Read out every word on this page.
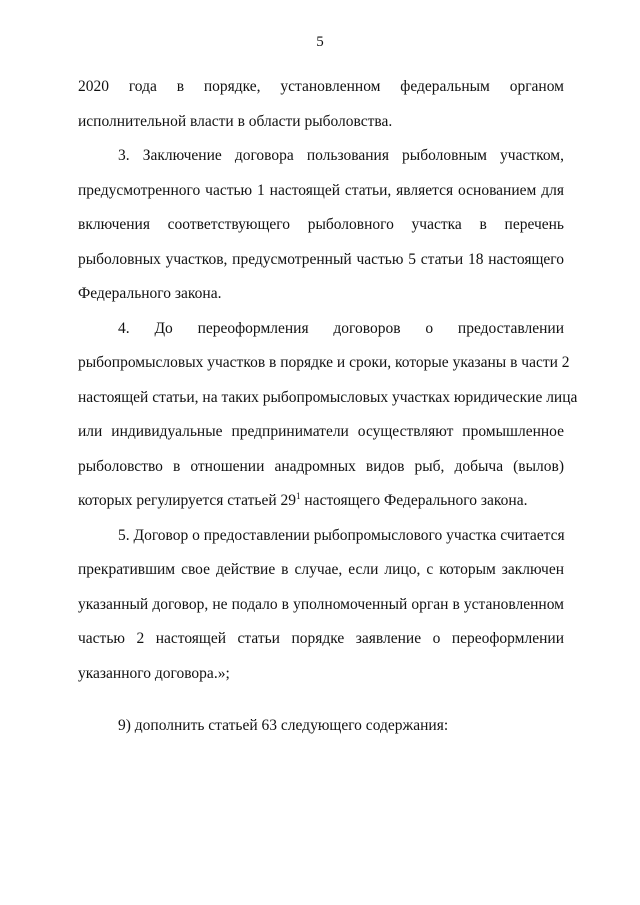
5
2020 года в порядке, установленном федеральным органом
исполнительной власти в области рыболовства.
3. Заключение договора пользования рыболовным участком,
предусмотренного частью 1 настоящей статьи, является основанием для
включения соответствующего рыболовного участка в перечень
рыболовных участков, предусмотренный частью 5 статьи 18 настоящего
Федерального закона.
4. До переоформления договоров о предоставлении
рыбопромысловых участков в порядке и сроки, которые указаны в части 2
настоящей статьи, на таких рыбопромысловых участках юридические лица
или индивидуальные предприниматели осуществляют промышленное
рыболовство в отношении анадромных видов рыб, добыча (вылов)
которых регулируется статьей $29^1$ настоящего Федерального закона.
5. Договор о предоставлении рыбопромыслового участка считается
прекратившим свое действие в случае, если лицо, с которым заключен
указанный договор, не подало в уполномоченный орган в установленном
частью 2 настоящей статьи порядке заявление о переоформлении
указанного договора.»;
9) дополнить статьей 63 следующего содержания:
